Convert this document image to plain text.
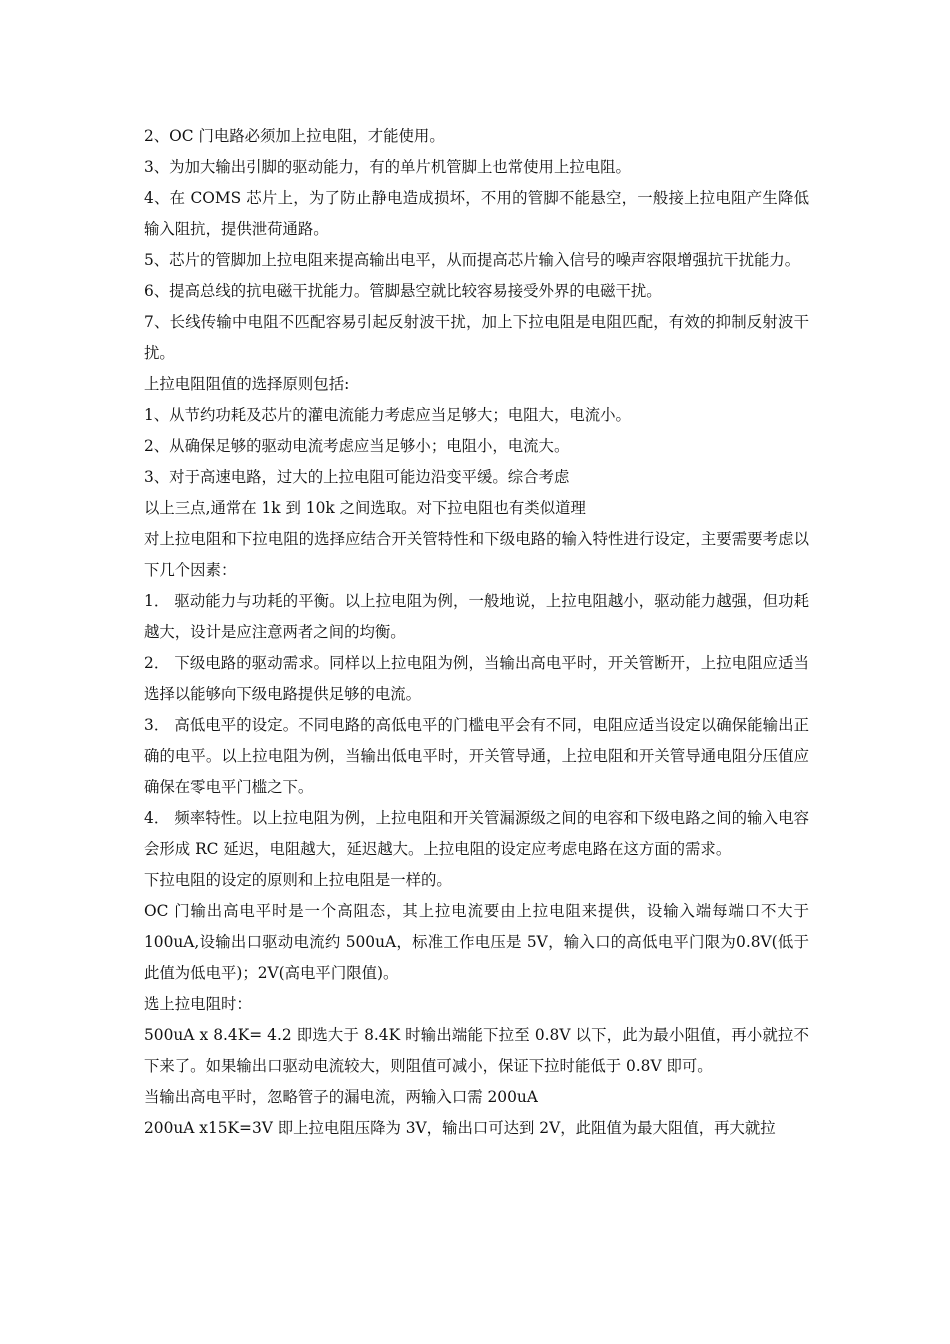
2、OC 门电路必须加上拉电阻，才能使用。

3、为加大输出引脚的驱动能力，有的单片机管脚上也常使用上拉电阻。

4、在 COMS 芯片上，为了防止静电造成损坏，不用的管脚不能悬空，一般接上拉电阻产生降低输入阻抗，提供泄荷通路。

5、芯片的管脚加上拉电阻来提高输出电平，从而提高芯片输入信号的噪声容限增强抗干扰能力。

6、提高总线的抗电磁干扰能力。管脚悬空就比较容易接受外界的电磁干扰。

7、长线传输中电阻不匹配容易引起反射波干扰，加上下拉电阻是电阻匹配，有效的抑制反射波干扰。

上拉电阻阻值的选择原则包括:

1、从节约功耗及芯片的灌电流能力考虑应当足够大；电阻大，电流小。

2、从确保足够的驱动电流考虑应当足够小；电阻小，电流大。

3、对于高速电路，过大的上拉电阻可能边沿变平缓。综合考虑

以上三点,通常在 1k 到 10k 之间选取。对下拉电阻也有类似道理

对上拉电阻和下拉电阻的选择应结合开关管特性和下级电路的输入特性进行设定，主要需要考虑以下几个因素：

1． 驱动能力与功耗的平衡。以上拉电阻为例，一般地说，上拉电阻越小，驱动能力越强，但功耗越大，设计是应注意两者之间的均衡。

2． 下级电路的驱动需求。同样以上拉电阻为例，当输出高电平时，开关管断开，上拉电阻应适当选择以能够向下级电路提供足够的电流。

3． 高低电平的设定。不同电路的高低电平的门槛电平会有不同，电阻应适当设定以确保能输出正确的电平。以上拉电阻为例，当输出低电平时，开关管导通，上拉电阻和开关管导通电阻分压值应确保在零电平门槛之下。

4． 频率特性。以上拉电阻为例，上拉电阻和开关管漏源级之间的电容和下级电路之间的输入电容会形成 RC 延迟，电阻越大，延迟越大。上拉电阻的设定应考虑电路在这方面的需求。

下拉电阻的设定的原则和上拉电阻是一样的。

OC 门输出高电平时是一个高阻态，其上拉电流要由上拉电阻来提供，设输入端每端口不大于 100uA,设输出口驱动电流约 500uA，标准工作电压是 5V，输入口的高低电平门限为0.8V(低于此值为低电平)；2V(高电平门限值)。

选上拉电阻时：

500uA x 8.4K= 4.2 即选大于 8.4K 时输出端能下拉至 0.8V 以下，此为最小阻值，再小就拉不下来了。如果输出口驱动电流较大，则阻值可减小，保证下拉时能低于 0.8V 即可。

当输出高电平时，忽略管子的漏电流，两输入口需 200uA

200uA x15K=3V 即上拉电阻压降为 3V，输出口可达到 2V，此阻值为最大阻值，再大就拉
